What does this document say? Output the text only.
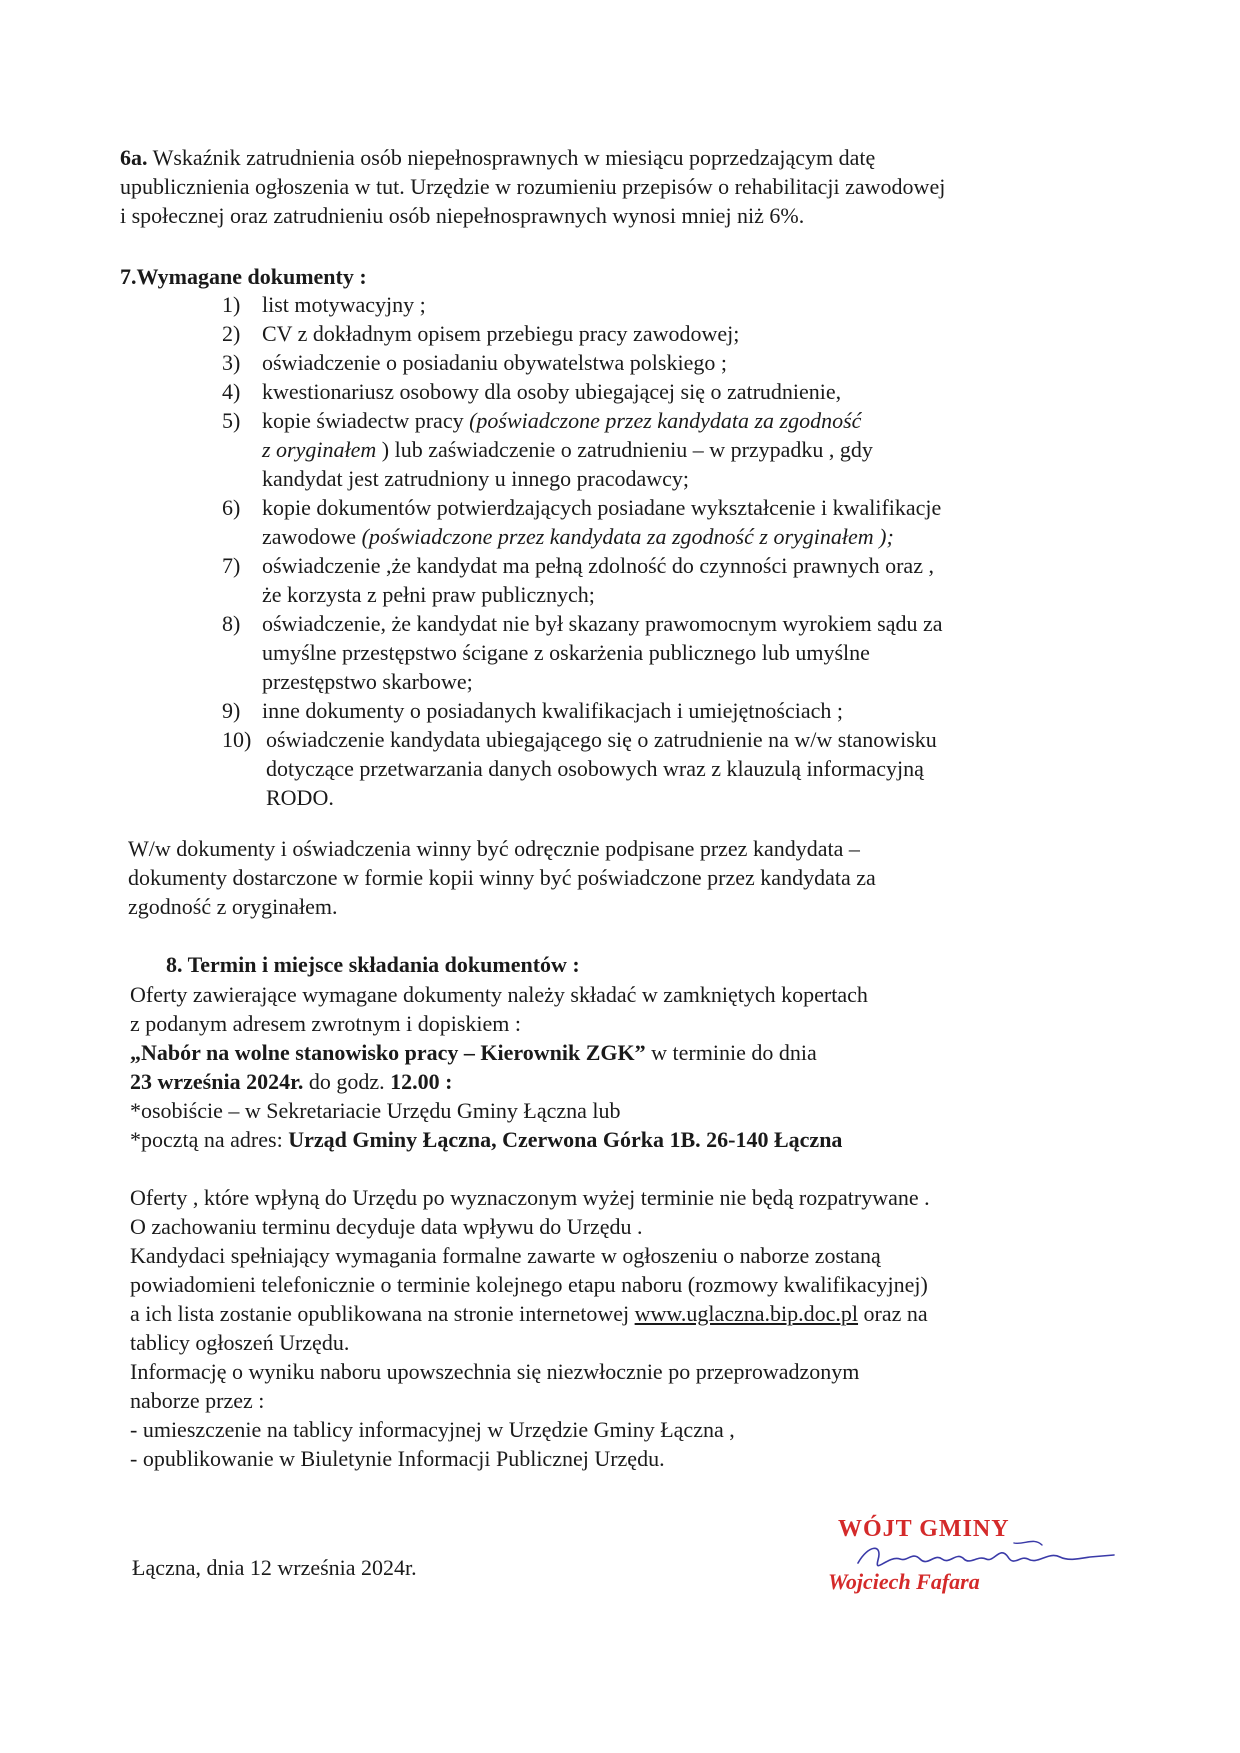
6a. Wskaźnik zatrudnienia osób niepełnosprawnych w miesiącu poprzedzającym datę

upublicznienia ogłoszenia w tut. Urzędzie w rozumieniu przepisów o rehabilitacji zawodowej

i społecznej oraz zatrudnieniu osób niepełnosprawnych wynosi mniej niż 6%.

7.Wymagane dokumenty :
1) list motywacyjny ;

2) CV z dokładnym opisem przebiegu pracy zawodowej;

3) oświadczenie o posiadaniu obywatelstwa polskiego ;

4) kwestionariusz osobowy dla osoby ubiegającej się o zatrudnienie,

5) kopie świadectw pracy (poświadczone przez kandydata za zgodność

z oryginałem ) lub zaświadczenie o zatrudnieniu – w przypadku , gdy

kandydat jest zatrudniony u innego pracodawcy;

6) kopie dokumentów potwierdzających posiadane wykształcenie i kwalifikacje

zawodowe (poświadczone przez kandydata za zgodność z oryginałem );

7) oświadczenie ,że kandydat ma pełną zdolność do czynności prawnych oraz ,

że korzysta z pełni praw publicznych;

8) oświadczenie, że kandydat nie był skazany prawomocnym wyrokiem sądu za

umyślne przestępstwo ścigane z oskarżenia publicznego lub umyślne

przestępstwo skarbowe;

9) inne dokumenty o posiadanych kwalifikacjach i umiejętnościach ;

10) oświadczenie kandydata ubiegającego się o zatrudnienie na w/w stanowisku

dotyczące przetwarzania danych osobowych wraz z klauzulą informacyjną

RODO.

W/w dokumenty i oświadczenia winny być odręcznie podpisane przez kandydata –

dokumenty dostarczone w formie kopii winny być poświadczone przez kandydata za

zgodność z oryginałem.

8. Termin i miejsce składania dokumentów :

Oferty zawierające wymagane dokumenty należy składać w zamkniętych kopertach

z podanym adresem zwrotnym i dopiskiem :

„Nabór na wolne stanowisko pracy – Kierownik ZGK” w terminie do dnia

23 września 2024r. do godz. 12.00 :

*osobiście – w Sekretariacie Urzędu Gminy Łączna lub

*pocztą na adres: Urząd Gminy Łączna, Czerwona Górka 1B. 26-140 Łączna

Oferty , które wpłyną do Urzędu po wyznaczonym wyżej terminie nie będą rozpatrywane .

O zachowaniu terminu decyduje data wpływu do Urzędu .

Kandydaci spełniający wymagania formalne zawarte w ogłoszeniu o naborze zostaną

powiadomieni telefonicznie o terminie kolejnego etapu naboru (rozmowy kwalifikacyjnej)

a ich lista zostanie opublikowana na stronie internetowej www.uglaczna.bip.doc.pl oraz na

tablicy ogłoszeń Urzędu.

Informację o wyniku naboru upowszechnia się niezwłocznie po przeprowadzonym

naborze przez :

- umieszczenie na tablicy informacyjnej w Urzędzie Gminy Łączna ,

- opublikowanie w Biuletynie Informacji Publicznej Urzędu.

Łączna, dnia 12 września 2024r.
WÓJT GMINY
Wojciech Fafara
